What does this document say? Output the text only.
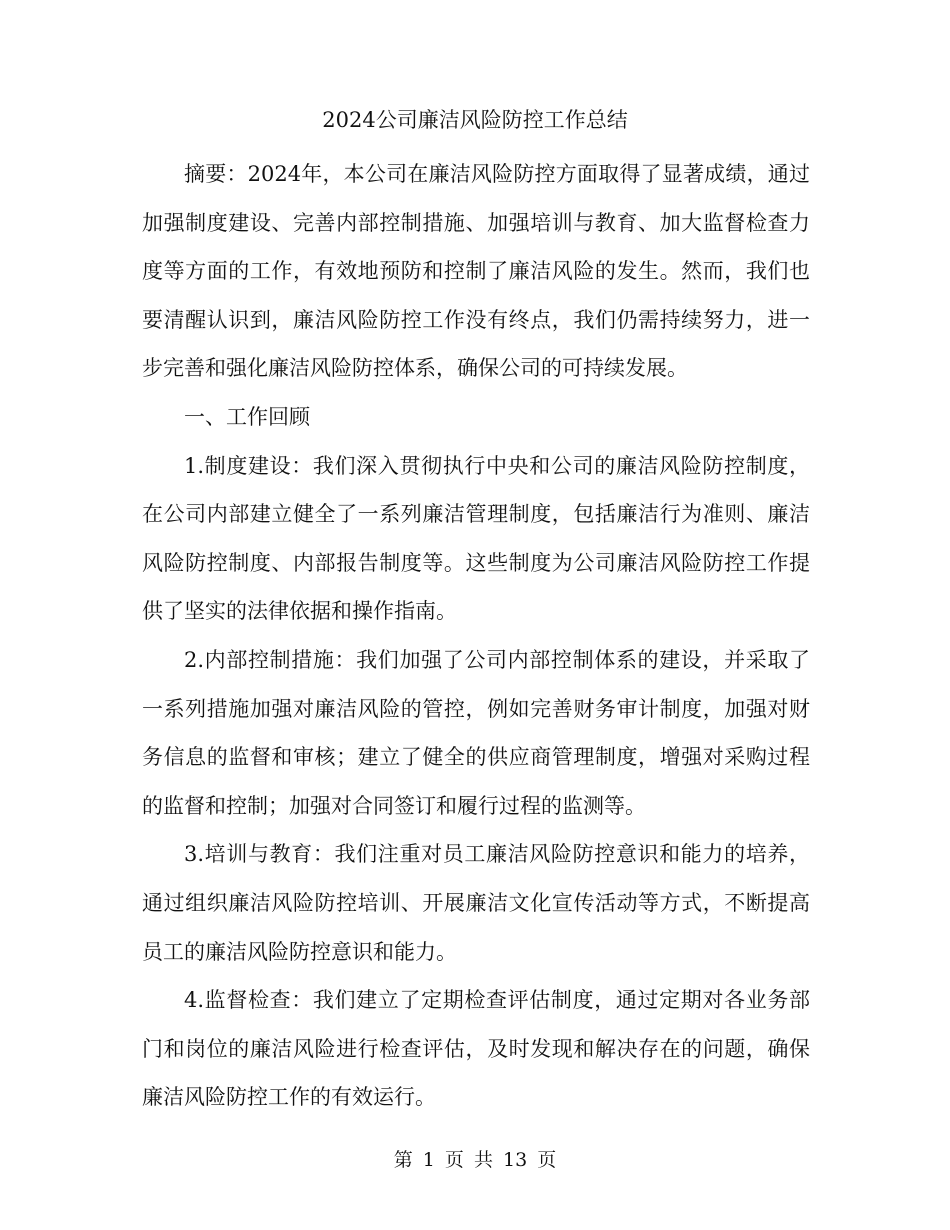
2024公司廉洁风险防控工作总结

摘要：2024年，本公司在廉洁风险防控方面取得了显著成绩，通过加强制度建设、完善内部控制措施、加强培训与教育、加大监督检查力度等方面的工作，有效地预防和控制了廉洁风险的发生。然而，我们也要清醒认识到，廉洁风险防控工作没有终点，我们仍需持续努力，进一步完善和强化廉洁风险防控体系，确保公司的可持续发展。

一、工作回顾

1.制度建设：我们深入贯彻执行中央和公司的廉洁风险防控制度，在公司内部建立健全了一系列廉洁管理制度，包括廉洁行为准则、廉洁风险防控制度、内部报告制度等。这些制度为公司廉洁风险防控工作提供了坚实的法律依据和操作指南。

2.内部控制措施：我们加强了公司内部控制体系的建设，并采取了一系列措施加强对廉洁风险的管控，例如完善财务审计制度，加强对财务信息的监督和审核；建立了健全的供应商管理制度，增强对采购过程的监督和控制；加强对合同签订和履行过程的监测等。

3.培训与教育：我们注重对员工廉洁风险防控意识和能力的培养，通过组织廉洁风险防控培训、开展廉洁文化宣传活动等方式，不断提高员工的廉洁风险防控意识和能力。

4.监督检查：我们建立了定期检查评估制度，通过定期对各业务部门和岗位的廉洁风险进行检查评估，及时发现和解决存在的问题，确保廉洁风险防控工作的有效运行。

第 1 页 共 13 页
